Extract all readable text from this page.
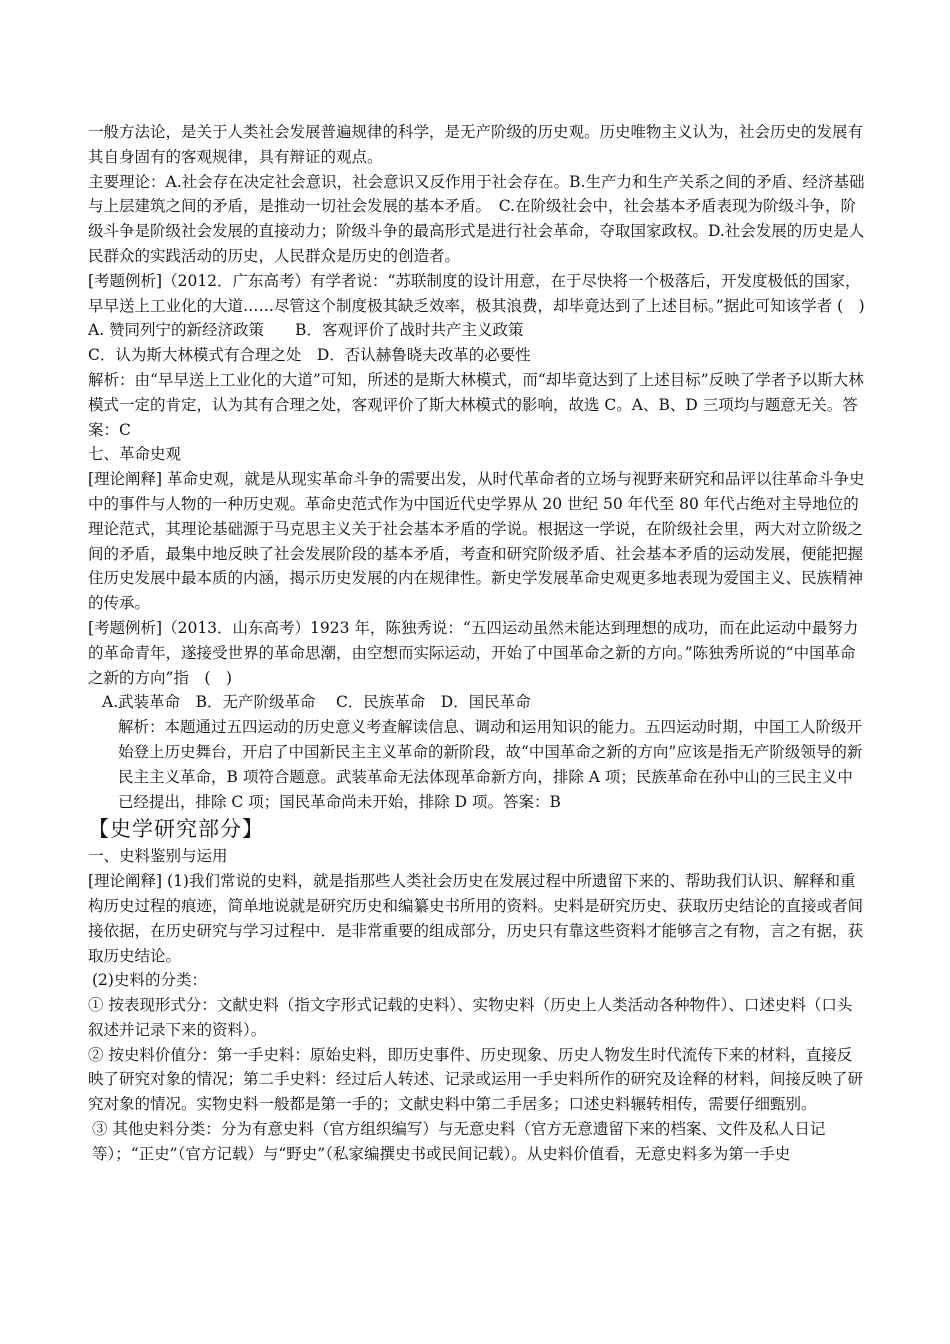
一般方法论，是关于人类社会发展普遍规律的科学，是无产阶级的历史观。历史唯物主义认为，社会历史的发展有其自身固有的客观规律，具有辩证的观点。

主要理论：A.社会存在决定社会意识，社会意识又反作用于社会存在。B.生产力和生产关系之间的矛盾、经济基础与上层建筑之间的矛盾，是推动一切社会发展的基本矛盾。　C.在阶级社会中，社会基本矛盾表现为阶级斗争，阶级斗争是阶级社会发展的直接动力；阶级斗争的最高形式是进行社会革命，夺取国家政权。D.社会发展的历史是人民群众的实践活动的历史，人民群众是历史的创造者。

[考题例析]（2012．广东高考）有学者说：“苏联制度的设计用意，在于尽快将一个极落后，开发度极低的国家，早早送上工业化的大道……尽管这个制度极其缺乏效率，极其浪费，却毕竟达到了上述目标。”据此可知该学者 (　)

A. 赞同列宁的新经济政策　　B．客观评价了战时共产主义政策

C．认为斯大林模式有合理之处　D．否认赫鲁晓夫改革的必要性

解析：由“早早送上工业化的大道”可知，所述的是斯大林模式，而“却毕竟达到了上述目标”反映了学者予以斯大林模式一定的肯定，认为其有合理之处，客观评价了斯大林模式的影响，故选 C。A、B、D 三项均与题意无关。答案：C

七、革命史观

[理论阐释] 革命史观，就是从现实革命斗争的需要出发，从时代革命者的立场与视野来研究和品评以往革命斗争史中的事件与人物的一种历史观。革命史范式作为中国近代史学界从 20 世纪 50 年代至 80 年代占绝对主导地位的理论范式，其理论基础源于马克思主义关于社会基本矛盾的学说。根据这一学说，在阶级社会里，两大对立阶级之间的矛盾，最集中地反映了社会发展阶段的基本矛盾，考查和研究阶级矛盾、社会基本矛盾的运动发展，便能把握住历史发展中最本质的内涵，揭示历史发展的内在规律性。新史学发展革命史观更多地表现为爱国主义、民族精神的传承。

[考题例析]（2013．山东高考）1923 年，陈独秀说：“五四运动虽然未能达到理想的成功，而在此运动中最努力的革命青年，遂接受世界的革命思潮，由空想而实际运动，开始了中国革命之新的方向。”陈独秀所说的“中国革命之新的方向”指　(　)

A.武装革命　B．无产阶级革命　 C．民族革命　D．国民革命

解析：本题通过五四运动的历史意义考查解读信息、调动和运用知识的能力。五四运动时期，中国工人阶级开始登上历史舞台，开启了中国新民主主义革命的新阶段，故“中国革命之新的方向”应该是指无产阶级领导的新民主主义革命，B 项符合题意。武装革命无法体现革命新方向，排除 A 项；民族革命在孙中山的三民主义中已经提出，排除 C 项；国民革命尚未开始，排除 D 项。答案：B

【史学研究部分】

一、史料鉴别与运用

[理论阐释] (1)我们常说的史料，就是指那些人类社会历史在发展过程中所遗留下来的、帮助我们认识、解释和重构历史过程的痕迹，简单地说就是研究历史和编纂史书所用的资料。史料是研究历史、获取历史结论的直接或者间接依据，在历史研究与学习过程中．是非常重要的组成部分，历史只有靠这些资料才能够言之有物，言之有据，获取历史结论。

(2)史料的分类：

① 按表现形式分：文献史料（指文字形式记载的史料）、实物史料（历史上人类活动各种物件）、口述史料（口头叙述并记录下来的资料）。

② 按史料价值分：第一手史料：原始史料，即历史事件、历史现象、历史人物发生时代流传下来的材料，直接反映了研究对象的情况；第二手史料：经过后人转述、记录或运用一手史料所作的研究及诠释的材料，间接反映了研究对象的情况。实物史料一般都是第一手的；文献史料中第二手居多；口述史料辗转相传，需要仔细甄别。

③ 其他史料分类：分为有意史料（官方组织编写）与无意史料（官方无意遗留下来的档案、文件及私人日记等）；“正史”（官方记载）与“野史”（私家编撰史书或民间记载）。从史料价值看，无意史料多为第一手史
